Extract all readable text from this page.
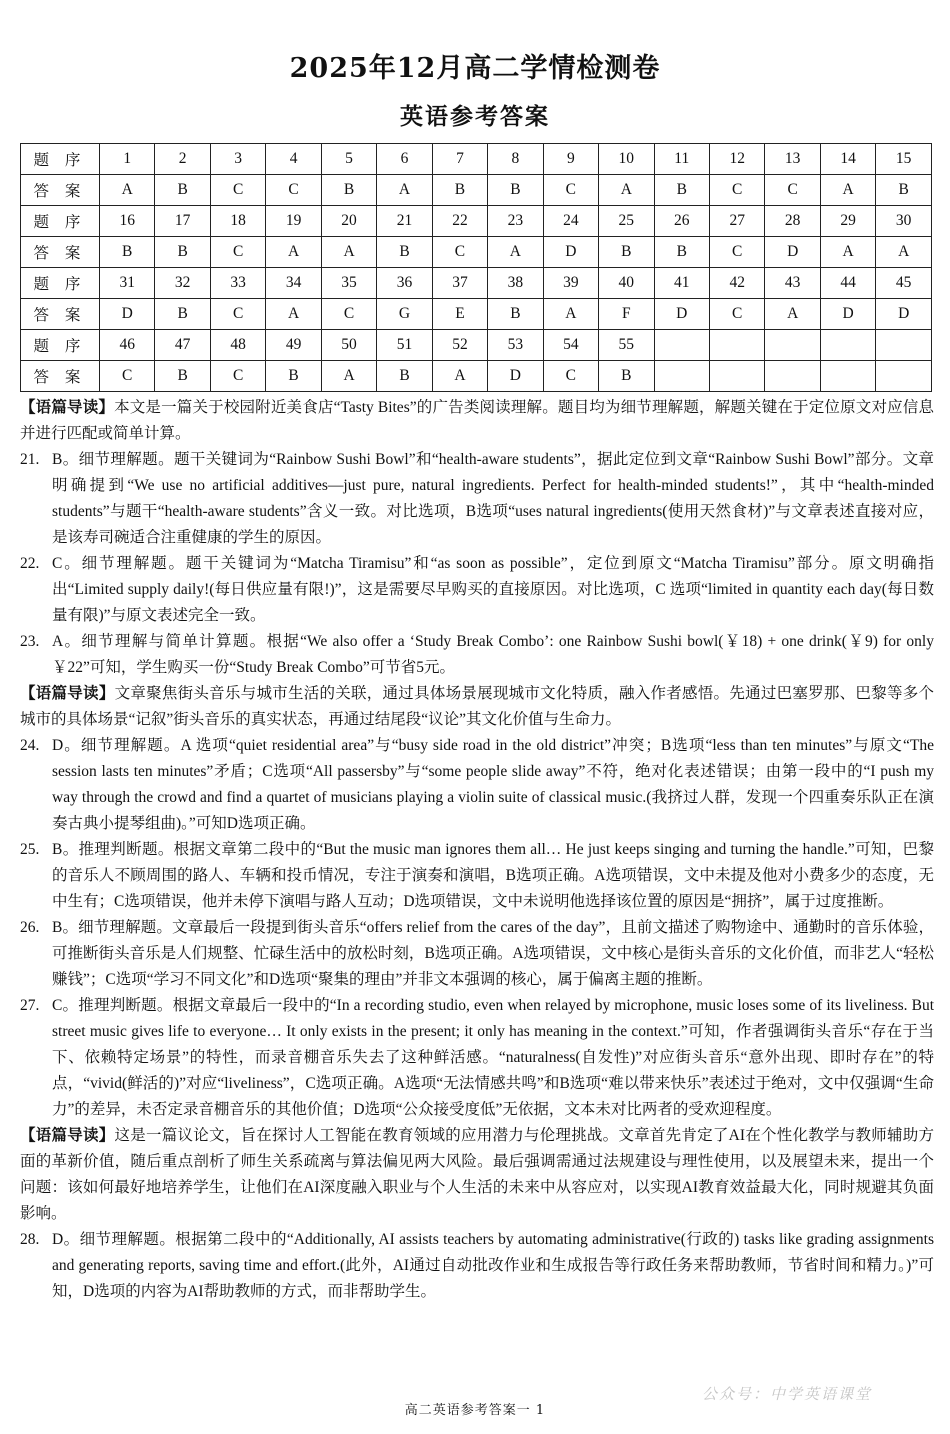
2025年12月高二学情检测卷
英语参考答案
题 序	1	2	3	4	5	6	7	8	9	10	11	12	13	14	15
答 案	A	B	C	C	B	A	B	B	C	A	B	C	C	A	B
题 序	16	17	18	19	20	21	22	23	24	25	26	27	28	29	30
答 案	B	B	C	A	A	B	C	A	D	B	B	C	D	A	A
题 序	31	32	33	34	35	36	37	38	39	40	41	42	43	44	45
答 案	D	B	C	A	C	G	E	B	A	F	D	C	A	D	D
题 序	46	47	48	49	50	51	52	53	54	55					
答 案	C	B	C	B	A	B	A	D	C	B					

【语篇导读】本文是一篇关于校园附近美食店“Tasty Bites”的广告类阅读理解。题目均为细节理解题，解题关键在于定位原文对应信息并进行匹配或简单计算。

21. B。细节理解题。题干关键词为“Rainbow Sushi Bowl”和“health-aware students”，据此定位到文章“Rainbow Sushi Bowl”部分。文章明确提到“We use no artificial additives—just pure, natural ingredients. Perfect for health-minded students!”，其中“health-minded students”与题干“health-aware students”含义一致。对比选项，B选项“uses natural ingredients(使用天然食材)”与文章表述直接对应，是该寿司碗适合注重健康的学生的原因。

22. C。细节理解题。题干关键词为“Matcha Tiramisu”和“as soon as possible”，定位到原文“Matcha Tiramisu”部分。原文明确指出“Limited supply daily!(每日供应量有限!)”，这是需要尽早购买的直接原因。对比选项，C 选项“limited in quantity each day(每日数量有限)”与原文表述完全一致。

23. A。细节理解与简单计算题。根据“We also offer a ‘Study Break Combo’: one Rainbow Sushi bowl(￥18) + one drink(￥9) for only ￥22”可知，学生购买一份“Study Break Combo”可节省5元。

【语篇导读】文章聚焦街头音乐与城市生活的关联，通过具体场景展现城市文化特质，融入作者感悟。先通过巴塞罗那、巴黎等多个城市的具体场景“记叙”街头音乐的真实状态，再通过结尾段“议论”其文化价值与生命力。

24. D。细节理解题。A 选项“quiet residential area”与“busy side road in the old district”冲突；B选项“less than ten minutes”与原文“The session lasts ten minutes”矛盾；C选项“All passersby”与“some people slide away”不符，绝对化表述错误；由第一段中的“I push my way through the crowd and find a quartet of musicians playing a violin suite of classical music.(我挤过人群，发现一个四重奏乐队正在演奏古典小提琴组曲)。”可知D选项正确。

25. B。推理判断题。根据文章第二段中的“But the music man ignores them all… He just keeps singing and turning the handle.”可知，巴黎的音乐人不顾周围的路人、车辆和投币情况，专注于演奏和演唱，B选项正确。A选项错误，文中未提及他对小费多少的态度，无中生有；C选项错误，他并未停下演唱与路人互动；D选项错误，文中未说明他选择该位置的原因是“拥挤”，属于过度推断。

26. B。细节理解题。文章最后一段提到街头音乐“offers relief from the cares of the day”，且前文描述了购物途中、通勤时的音乐体验，可推断街头音乐是人们规整、忙碌生活中的放松时刻，B选项正确。A选项错误，文中核心是街头音乐的文化价值，而非艺人“轻松赚钱”；C选项“学习不同文化”和D选项“聚集的理由”并非文本强调的核心，属于偏离主题的推断。

27. C。推理判断题。根据文章最后一段中的“In a recording studio, even when relayed by microphone, music loses some of its liveliness. But street music gives life to everyone… It only exists in the present; it only has meaning in the context.”可知，作者强调街头音乐“存在于当下、依赖特定场景”的特性，而录音棚音乐失去了这种鲜活感。“naturalness(自发性)”对应街头音乐“意外出现、即时存在”的特点，“vivid(鲜活的)”对应“liveliness”，C选项正确。A选项“无法情感共鸣”和B选项“难以带来快乐”表述过于绝对，文中仅强调“生命力”的差异，未否定录音棚音乐的其他价值；D选项“公众接受度低”无依据，文本未对比两者的受欢迎程度。

【语篇导读】这是一篇议论文，旨在探讨人工智能在教育领域的应用潜力与伦理挑战。文章首先肯定了AI在个性化教学与教师辅助方面的革新价值，随后重点剖析了师生关系疏离与算法偏见两大风险。最后强调需通过法规建设与理性使用，以及展望未来，提出一个问题：该如何最好地培养学生，让他们在AI深度融入职业与个人生活的未来中从容应对，以实现AI教育效益最大化，同时规避其负面影响。

28. D。细节理解题。根据第二段中的“Additionally, AI assists teachers by automating administrative(行政的) tasks like grading assignments and generating reports, saving time and effort.(此外，AI通过自动批改作业和生成报告等行政任务来帮助教师，节省时间和精力。)”可知，D选项的内容为AI帮助教师的方式，而非帮助学生。

公众号：中学英语课堂
高二英语参考答案一 1
